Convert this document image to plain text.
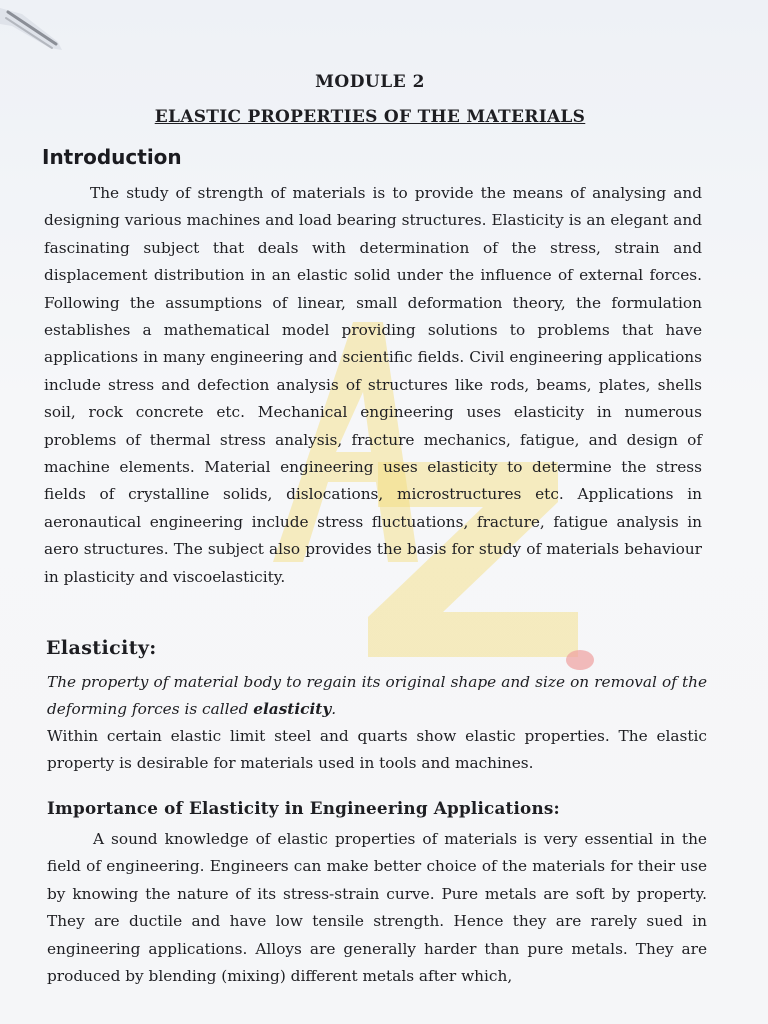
MODULE 2
ELASTIC PROPERTIES OF THE MATERIALS
Introduction

The study of strength of materials is to provide the means of analysing and designing various machines and load bearing structures. Elasticity is an elegant and fascinating subject that deals with determination of the stress, strain and displacement distribution in an elastic solid under the influence of external forces. Following the assumptions of linear, small deformation theory, the formulation establishes a mathematical model providing solutions to problems that have applications in many engineering and scientific fields. Civil engineering applications include stress and defection analysis of structures like rods, beams, plates, shells soil, rock concrete etc. Mechanical engineering uses elasticity in numerous problems of thermal stress analysis, fracture mechanics, fatigue, and design of machine elements. Material engineering uses elasticity to determine the stress fields of crystalline solids, dislocations, microstructures etc. Applications in aeronautical engineering include stress fluctuations, fracture, fatigue analysis in aero structures. The subject also provides the basis for study of materials behaviour in plasticity and viscoelasticity.

Elasticity:

The property of material body to regain its original shape and size on removal of the deforming forces is called elasticity.

Within certain elastic limit steel and quarts show elastic properties. The elastic property is desirable for materials used in tools and machines.

Importance of Elasticity in Engineering Applications:

A sound knowledge of elastic properties of materials is very essential in the field of engineering. Engineers can make better choice of the materials for their use by knowing the nature of its stress-strain curve. Pure metals are soft by property. They are ductile and have low tensile strength. Hence they are rarely sued in engineering applications. Alloys are generally harder than pure metals. They are produced by blending (mixing) different metals after which,
